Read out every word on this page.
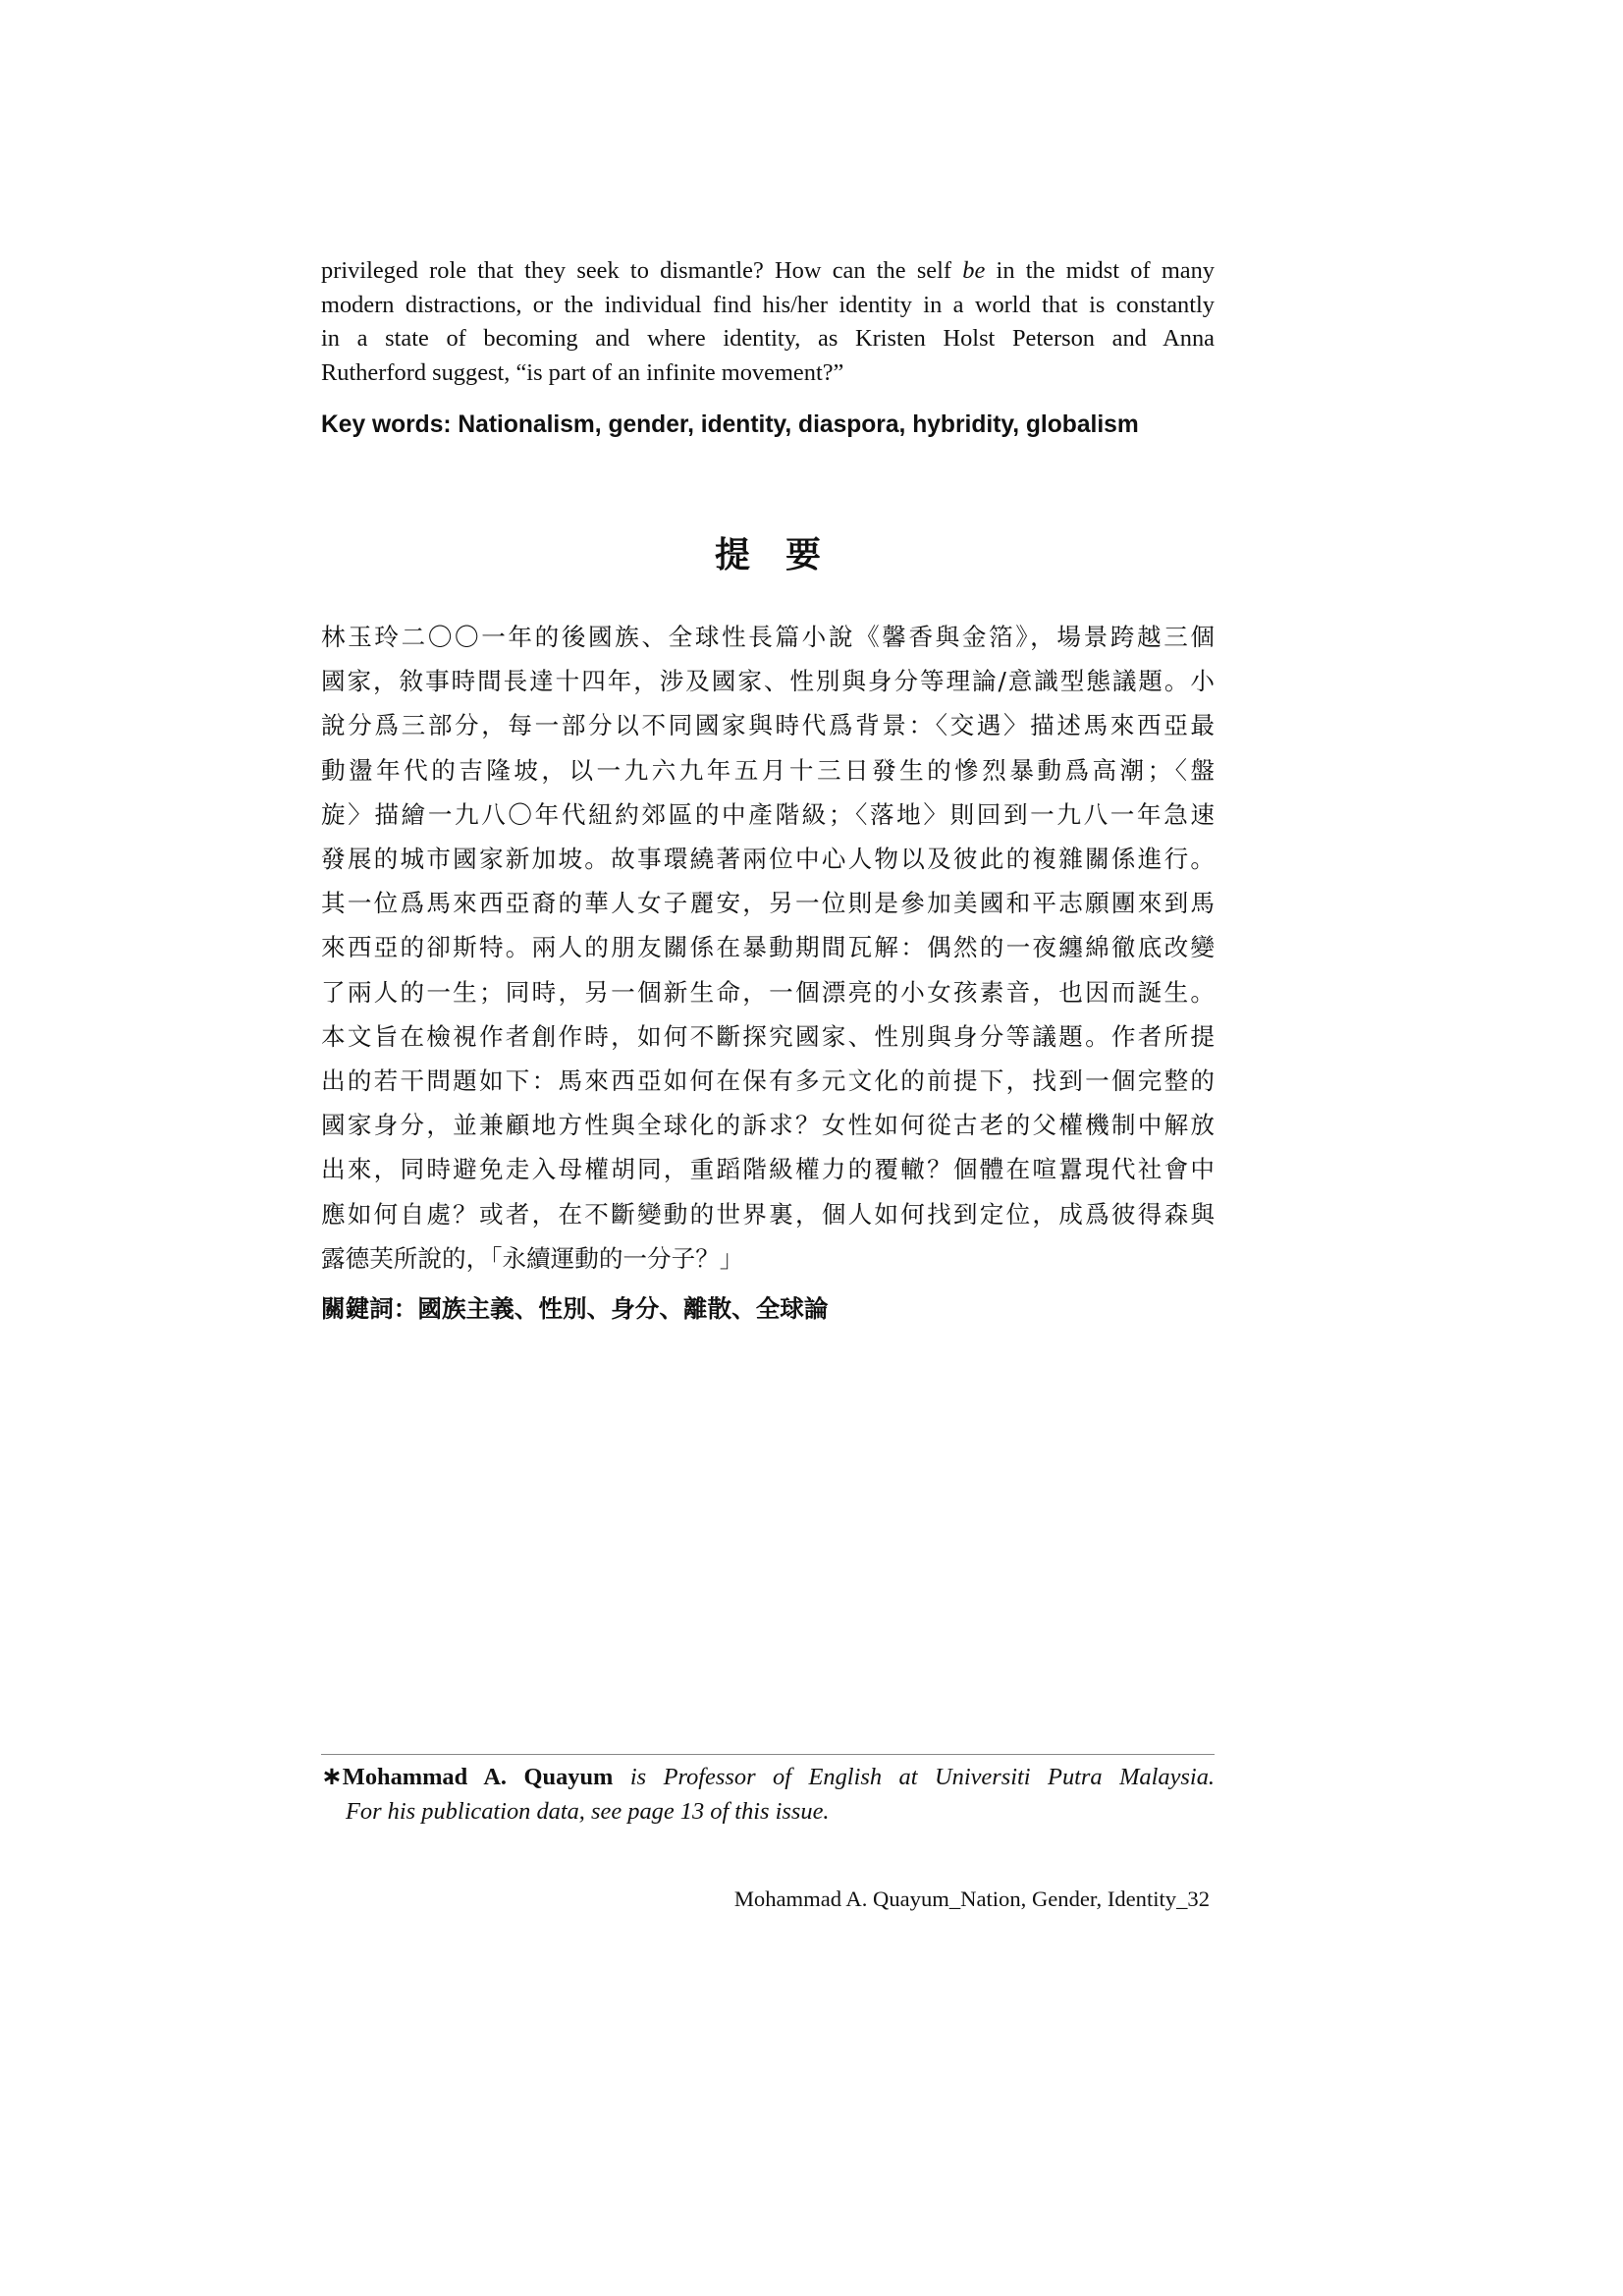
privileged role that they seek to dismantle? How can the self be in the midst of many
modern distractions, or the individual find his/her identity in a world that is constantly
in a state of becoming and where identity, as Kristen Holst Peterson and Anna
Rutherford suggest, “is part of an infinite movement?”

Key words: Nationalism, gender, identity, diaspora, hybridity, globalism

提要
林玉玲二〇〇一年的後國族、全球性長篇小說《馨香與金箔》，場景跨越三個
國家，敘事時間長達十四年，涉及國家、性別與身分等理論/意識型態議題。小
說分爲三部分，每一部分以不同國家與時代爲背景：〈交遇〉描述馬來西亞最
動盪年代的吉隆坡，以一九六九年五月十三日發生的慘烈暴動爲高潮；〈盤
旋〉描繪一九八〇年代紐約郊區的中產階級；〈落地〉則回到一九八一年急速
發展的城市國家新加坡。故事環繞著兩位中心人物以及彼此的複雜關係進行。
其一位爲馬來西亞裔的華人女子麗安，另一位則是參加美國和平志願團來到馬
來西亞的卻斯特。兩人的朋友關係在暴動期間瓦解：偶然的一夜纏綿徹底改變
了兩人的一生；同時，另一個新生命，一個漂亮的小女孩素音，也因而誕生。
本文旨在檢視作者創作時，如何不斷探究國家、性別與身分等議題。作者所提
出的若干問題如下：馬來西亞如何在保有多元文化的前提下，找到一個完整的
國家身分，並兼顧地方性與全球化的訴求？女性如何從古老的父權機制中解放
出來，同時避免走入母權胡同，重蹈階級權力的覆轍？個體在喧囂現代社會中
應如何自處？或者，在不斷變動的世界裏，個人如何找到定位，成爲彼得森與
露德芙所說的，「永續運動的一分子？」

關鍵詞：國族主義、性別、身分、離散、全球論

∗Mohammad A. Quayum is Professor of English at Universiti Putra Malaysia.
For his publication data, see page 13 of this issue.

Mohammad A. Quayum_Nation, Gender, Identity_32
